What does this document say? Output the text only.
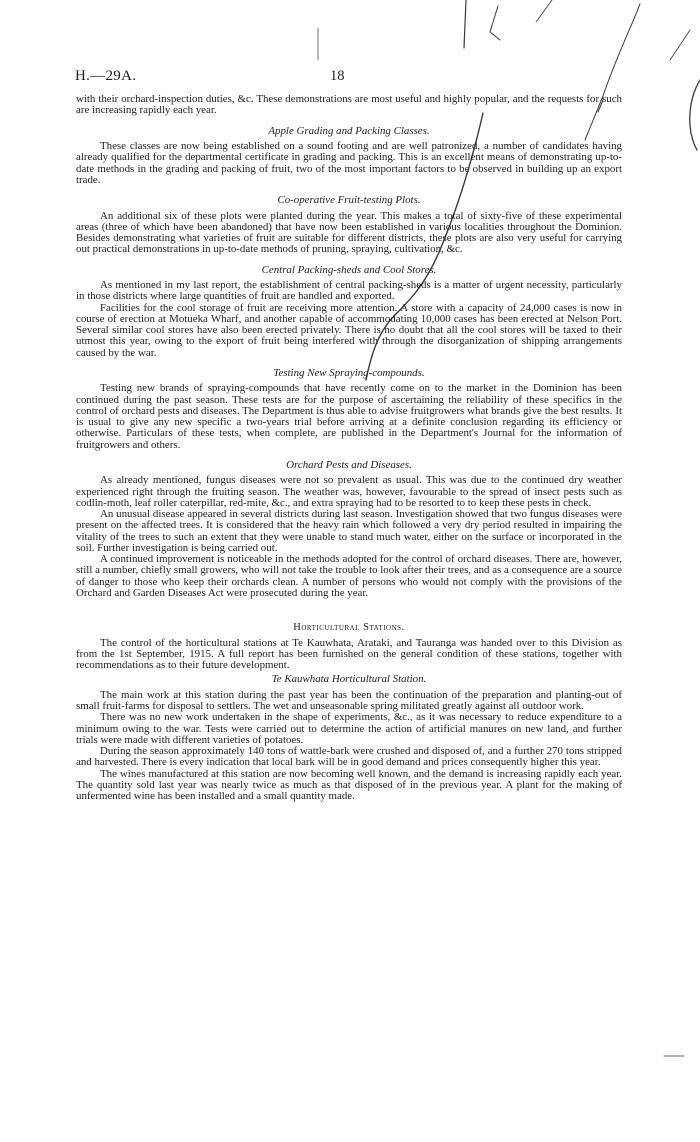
H.—29A.	18

with their orchard-inspection duties, &c. These demonstrations are most useful and highly popular, and the requests for such are increasing rapidly each year.

Apple Grading and Packing Classes.

These classes are now being established on a sound footing and are well patronized, a number of candidates having already qualified for the departmental certificate in grading and packing. This is an excellent means of demonstrating up-to-date methods in the grading and packing of fruit, two of the most important factors to be observed in building up an export trade.

Co-operative Fruit-testing Plots.

An additional six of these plots were planted during the year. This makes a total of sixty-five of these experimental areas (three of which have been abandoned) that have now been established in various localities throughout the Dominion. Besides demonstrating what varieties of fruit are suitable for different districts, these plots are also very useful for carrying out practical demonstrations in up-to-date methods of pruning, spraying, cultivation, &c.

Central Packing-sheds and Cool Stores.

As mentioned in my last report, the establishment of central packing-sheds is a matter of urgent necessity, particularly in those districts where large quantities of fruit are handled and exported.

Facilities for the cool storage of fruit are receiving more attention. A store with a capacity of 24,000 cases is now in course of erection at Motueka Wharf, and another capable of accommodating 10,000 cases has been erected at Nelson Port. Several similar cool stores have also been erected privately. There is no doubt that all the cool stores will be taxed to their utmost this year, owing to the export of fruit being interfered with through the disorganization of shipping arrangements caused by the war.

Testing New Spraying-compounds.

Testing new brands of spraying-compounds that have recently come on to the market in the Dominion has been continued during the past season. These tests are for the purpose of ascertaining the reliability of these specifics in the control of orchard pests and diseases. The Department is thus able to advise fruitgrowers what brands give the best results. It is usual to give any new specific a two-years trial before arriving at a definite conclusion regarding its efficiency or otherwise. Particulars of these tests, when complete, are published in the Department's Journal for the information of fruitgrowers and others.

Orchard Pests and Diseases.

As already mentioned, fungus diseases were not so prevalent as usual. This was due to the continued dry weather experienced right through the fruiting season. The weather was, however, favourable to the spread of insect pests such as codlin-moth, leaf roller caterpillar, red-mite, &c., and extra spraying had to be resorted to to keep these pests in check.

An unusual disease appeared in several districts during last season. Investigation showed that two fungus diseases were present on the affected trees. It is considered that the heavy rain which followed a very dry period resulted in impairing the vitality of the trees to such an extent that they were unable to stand much water, either on the surface or incorporated in the soil. Further investigation is being carried out.

A continued improvement is noticeable in the methods adopted for the control of orchard diseases. There are, however, still a number, chiefly small growers, who will not take the trouble to look after their trees, and as a consequence are a source of danger to those who keep their orchards clean. A number of persons who would not comply with the provisions of the Orchard and Garden Diseases Act were prosecuted during the year.

Horticultural Stations.

The control of the horticultural stations at Te Kauwhata, Arataki, and Tauranga was handed over to this Division as from the 1st September, 1915. A full report has been furnished on the general condition of these stations, together with recommendations as to their future development.

Te Kauwhata Horticultural Station.

The main work at this station during the past year has been the continuation of the preparation and planting-out of small fruit-farms for disposal to settlers. The wet and unseasonable spring militated greatly against all outdoor work.

There was no new work undertaken in the shape of experiments, &c., as it was necessary to reduce expenditure to a minimum owing to the war. Tests were carried out to determine the action of artificial manures on new land, and further trials were made with different varieties of potatoes.

During the season approximately 140 tons of wattle-bark were crushed and disposed of, and a further 270 tons stripped and harvested. There is every indication that local bark will be in good demand and prices consequently higher this year.

The wines manufactured at this station are now becoming well known, and the demand is increasing rapidly each year. The quantity sold last year was nearly twice as much as that disposed of in the previous year. A plant for the making of unfermented wine has been installed and a small quantity made.
